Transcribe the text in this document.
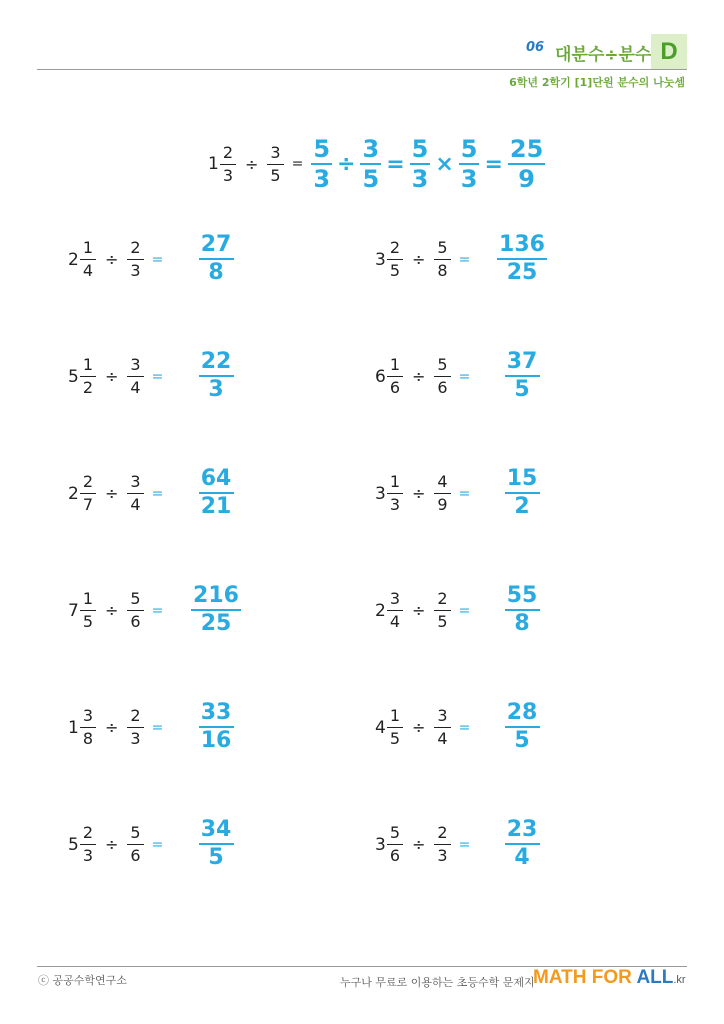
06 대분수÷분수 D
6학년 2학기 [1]단원 분수의 나눗셈
$1 \frac{2}{3} \div \frac{3}{5}$ =
5
3
÷
3
5
=
5
3
×
5
3
=
25
9
$2 \frac{1}{4} \div \frac{2}{3}$ =
27
8
$3 \frac{2}{5} \div \frac{5}{8}$ =
136
25
$5 \frac{1}{2} \div \frac{3}{4}$ =
22
3
$6 \frac{1}{6} \div \frac{5}{6}$ =
37
5
$2 \frac{2}{7} \div \frac{3}{4}$ =
64
21
$3 \frac{1}{3} \div \frac{4}{9}$ =
15
2
$7 \frac{1}{5} \div \frac{5}{6}$ =
216
25
$2 \frac{3}{4} \div \frac{2}{5}$ =
55
8
$1 \frac{3}{8} \div \frac{2}{3}$ =
33
16
$4 \frac{1}{5} \div \frac{3}{4}$ =
28
5
$5 \frac{2}{3} \div \frac{5}{6}$ =
34
5
$3 \frac{5}{6} \div \frac{2}{3}$ =
23
4
ⓒ 공공수학연구소	누구나 무료로 이용하는 초등수학 문제지
MATH FOR ALL.kr
